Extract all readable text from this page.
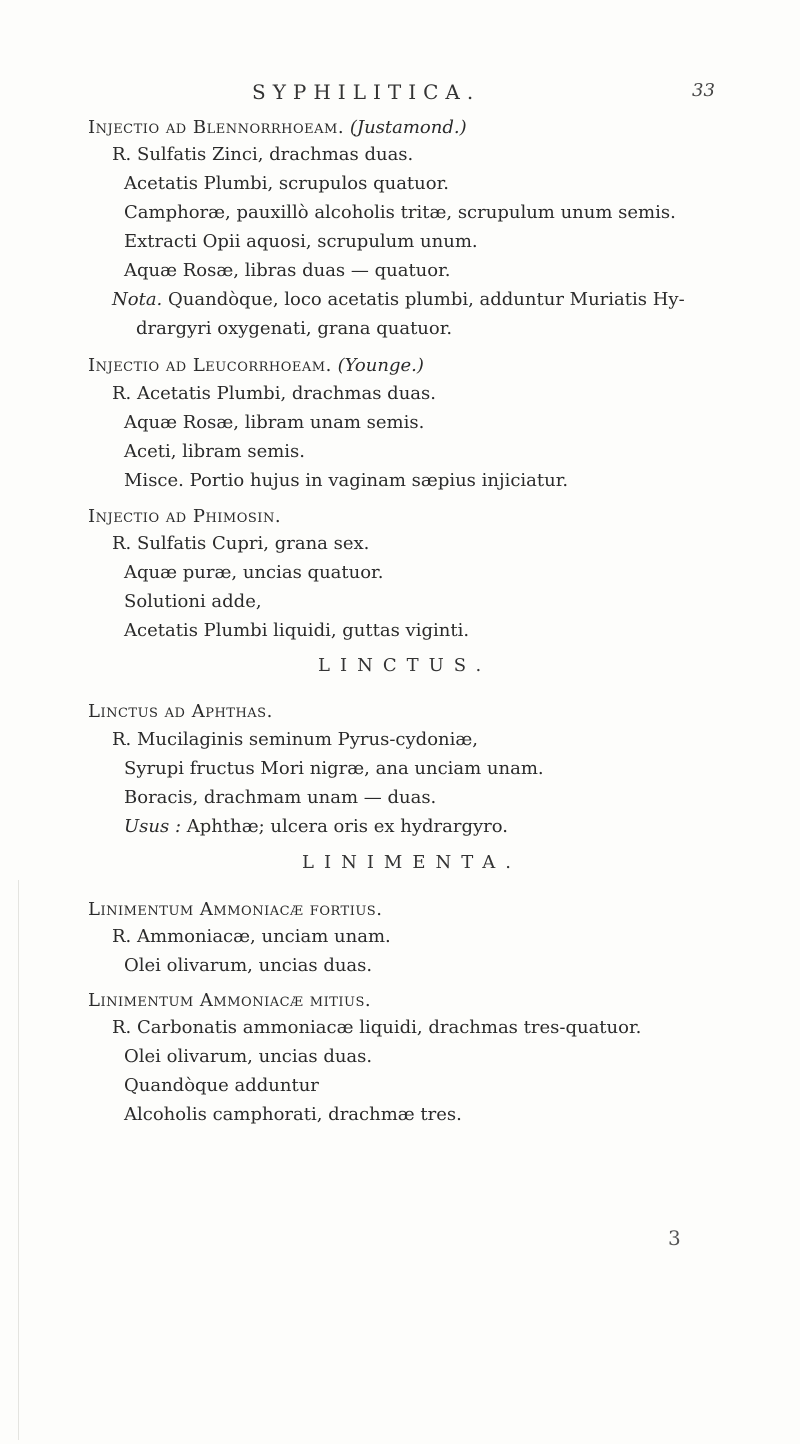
SYPHILITICA.	33
Injectio ad Blennorrhoeam. (Justamond.)
R. Sulfatis Zinci, drachmas duas.
Acetatis Plumbi, scrupulos quatuor.
Camphoræ, pauxillò alcoholis tritæ, scrupulum unum semis.
Extracti Opii aquosi, scrupulum unum.
Aquæ Rosæ, libras duas — quatuor.
Nota. Quandòque, loco acetatis plumbi, adduntur Muriatis Hy-
drargyri oxygenati, grana quatuor.
Injectio ad Leucorrhoeam. (Younge.)
R. Acetatis Plumbi, drachmas duas.
Aquæ Rosæ, libram unam semis.
Aceti, libram semis.
Misce. Portio hujus in vaginam sæpius injiciatur.
Injectio ad Phimosin.
R. Sulfatis Cupri, grana sex.
Aquæ puræ, uncias quatuor.
Solutioni adde,
Acetatis Plumbi liquidi, guttas viginti.
LINCTUS.
Linctus ad Aphthas.
R. Mucilaginis seminum Pyrus-cydoniæ,
Syrupi fructus Mori nigræ, ana unciam unam.
Boracis, drachmam unam — duas.
Usus : Aphthæ; ulcera oris ex hydrargyro.
LINIMENTA.
Linimentum Ammoniacæ fortius.
R. Ammoniacæ, unciam unam.
Olei olivarum, uncias duas.
Linimentum Ammoniacæ mitius.
R. Carbonatis ammoniacæ liquidi, drachmas tres-quatuor.
Olei olivarum, uncias duas.
Quandòque adduntur
Alcoholis camphorati, drachmæ tres.
3
